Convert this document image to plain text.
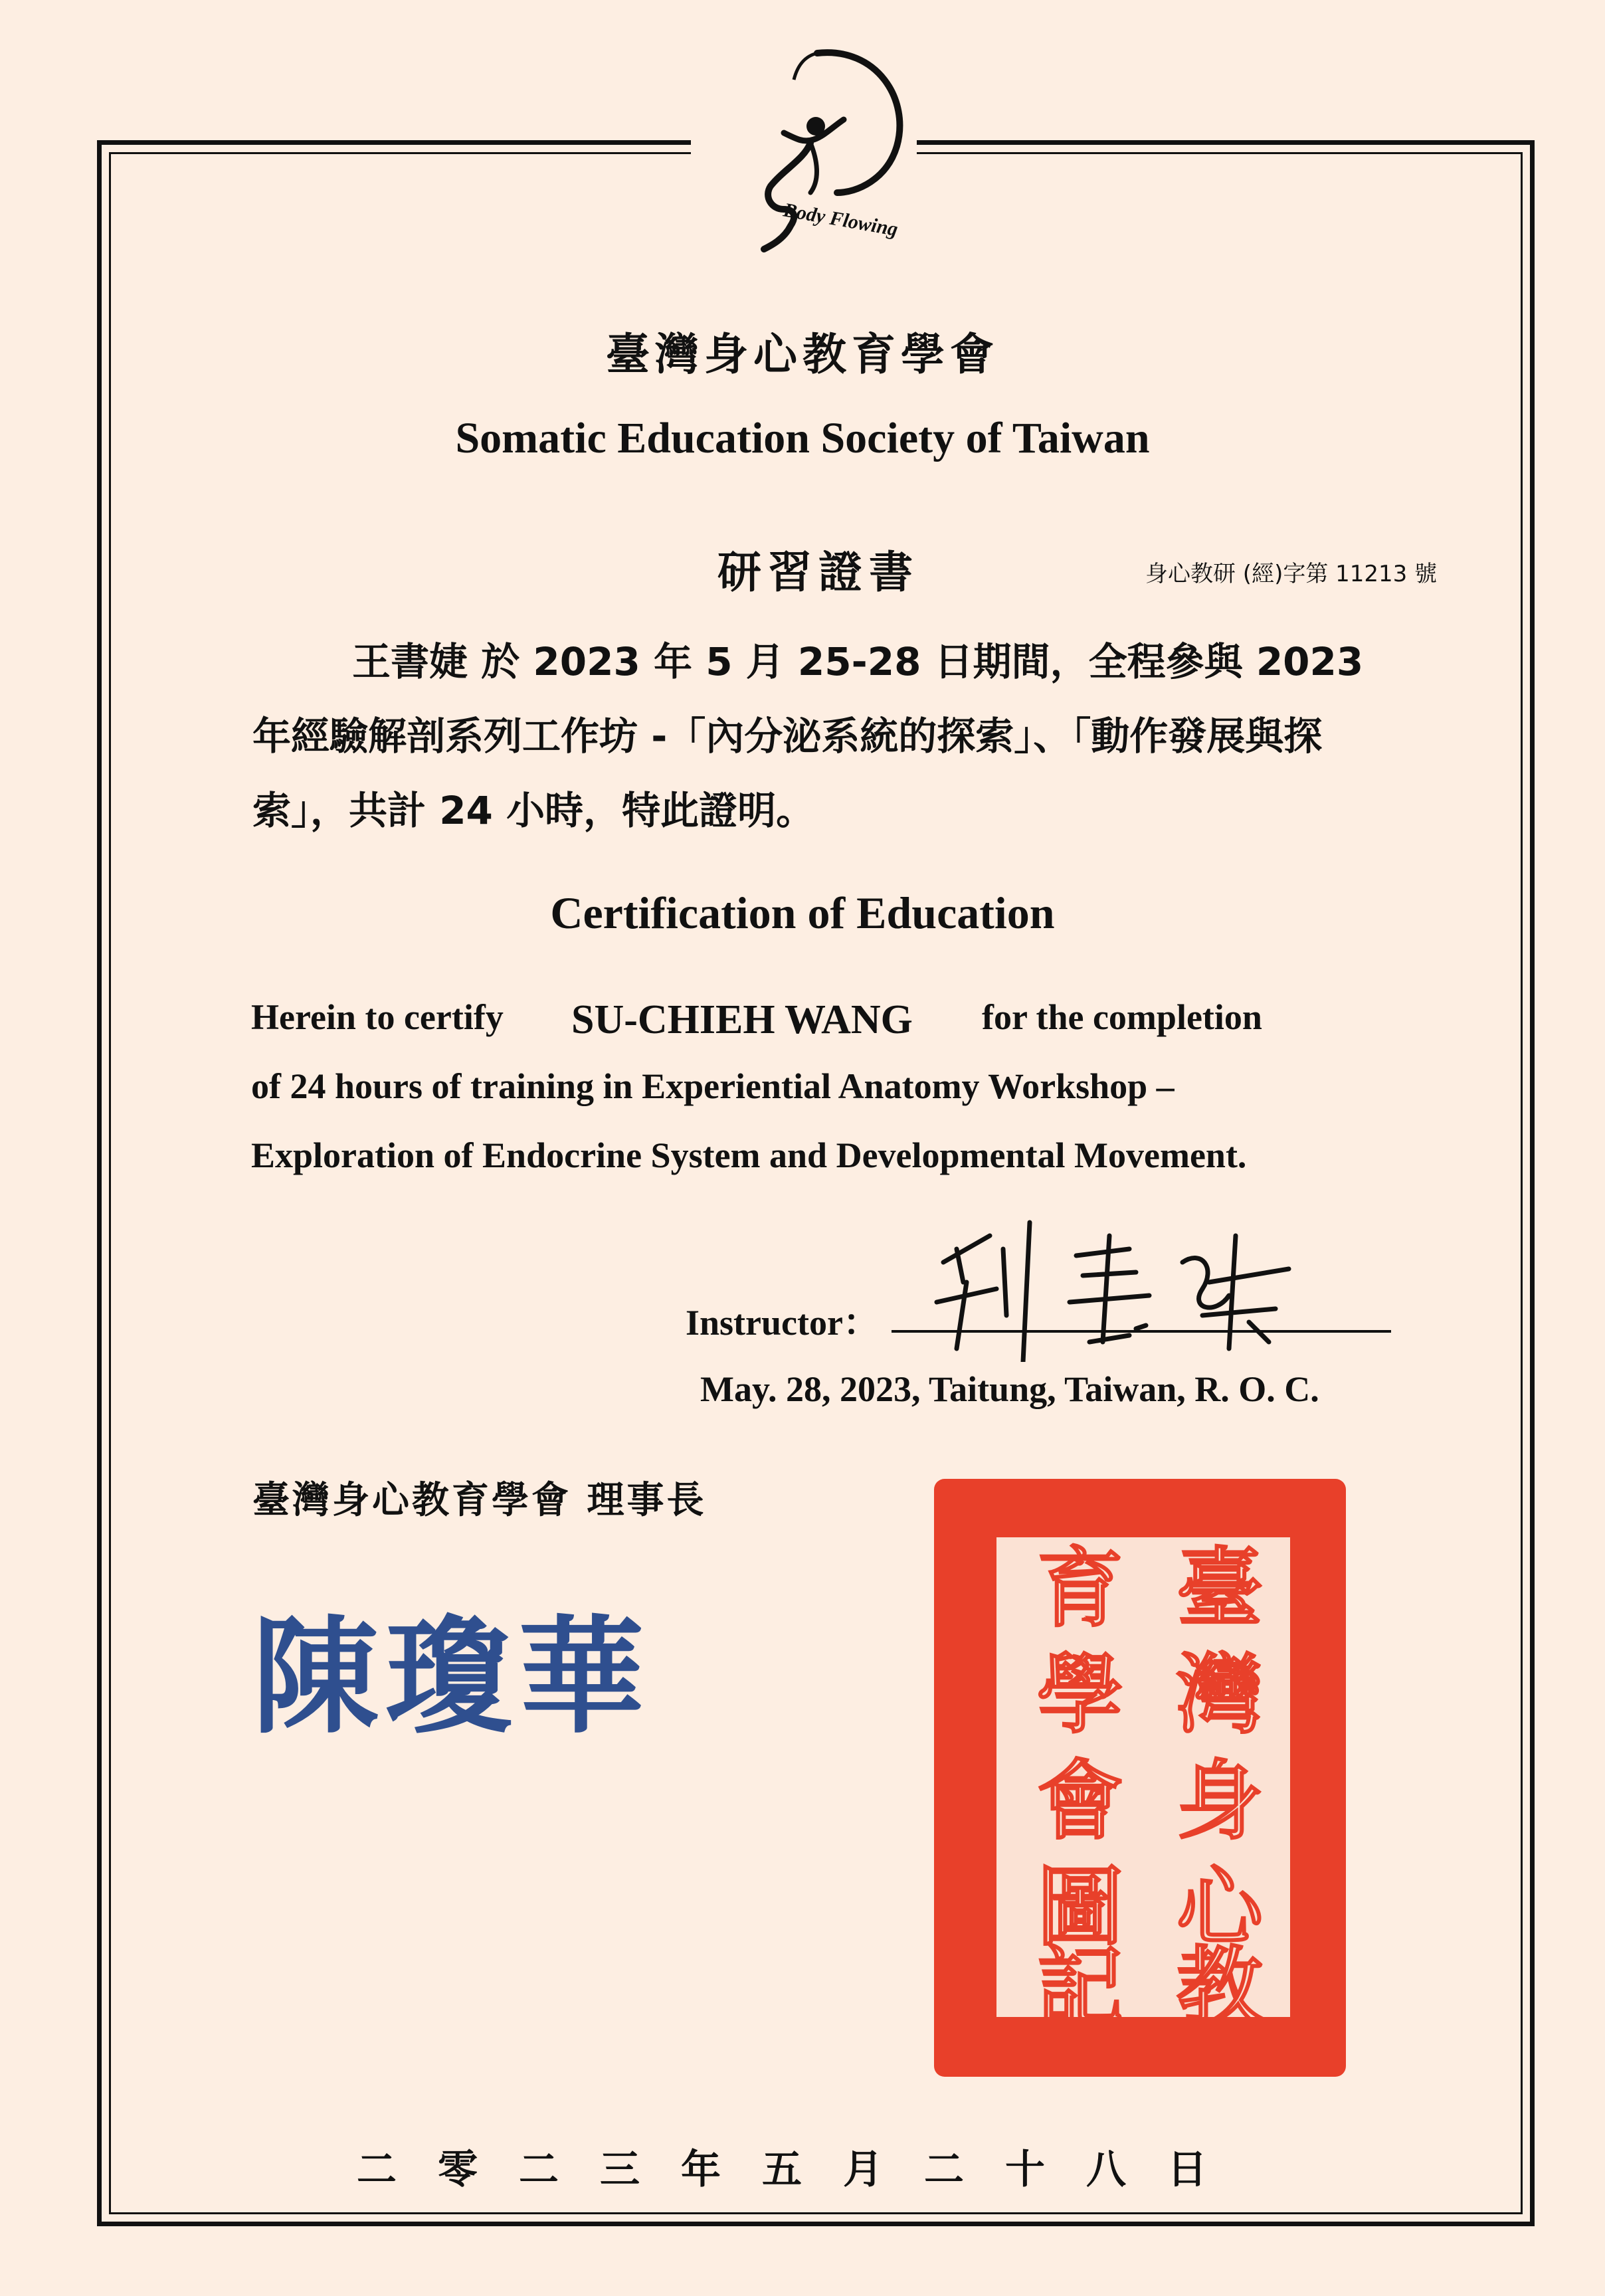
Body Flowing
臺灣身心教育學會
Somatic Education Society of Taiwan
研習證書	身心教研 (經)字第 11213 號
王書婕 於 2023 年 5 月 25-28 日期間，全程參與 2023 年經驗解剖系列工作坊 -「內分泌系統的探索」、「動作發展與探索」，共計 24 小時，特此證明。
Certification of Education
Herein to certify SU-CHIEH WANG for the completion
of 24 hours of training in Experiential Anatomy Workshop –
Exploration of Endocrine System and Developmental Movement.
Instructor：
劉美時
May. 28, 2023, Taitung, Taiwan, R. O. C.
臺灣身心教育學會 理事長
陳瓊華
臺
灣
身
心
教
育
學
會
圖
記
臺灣身心教育學會圖記
二零二三年五月二十八日
